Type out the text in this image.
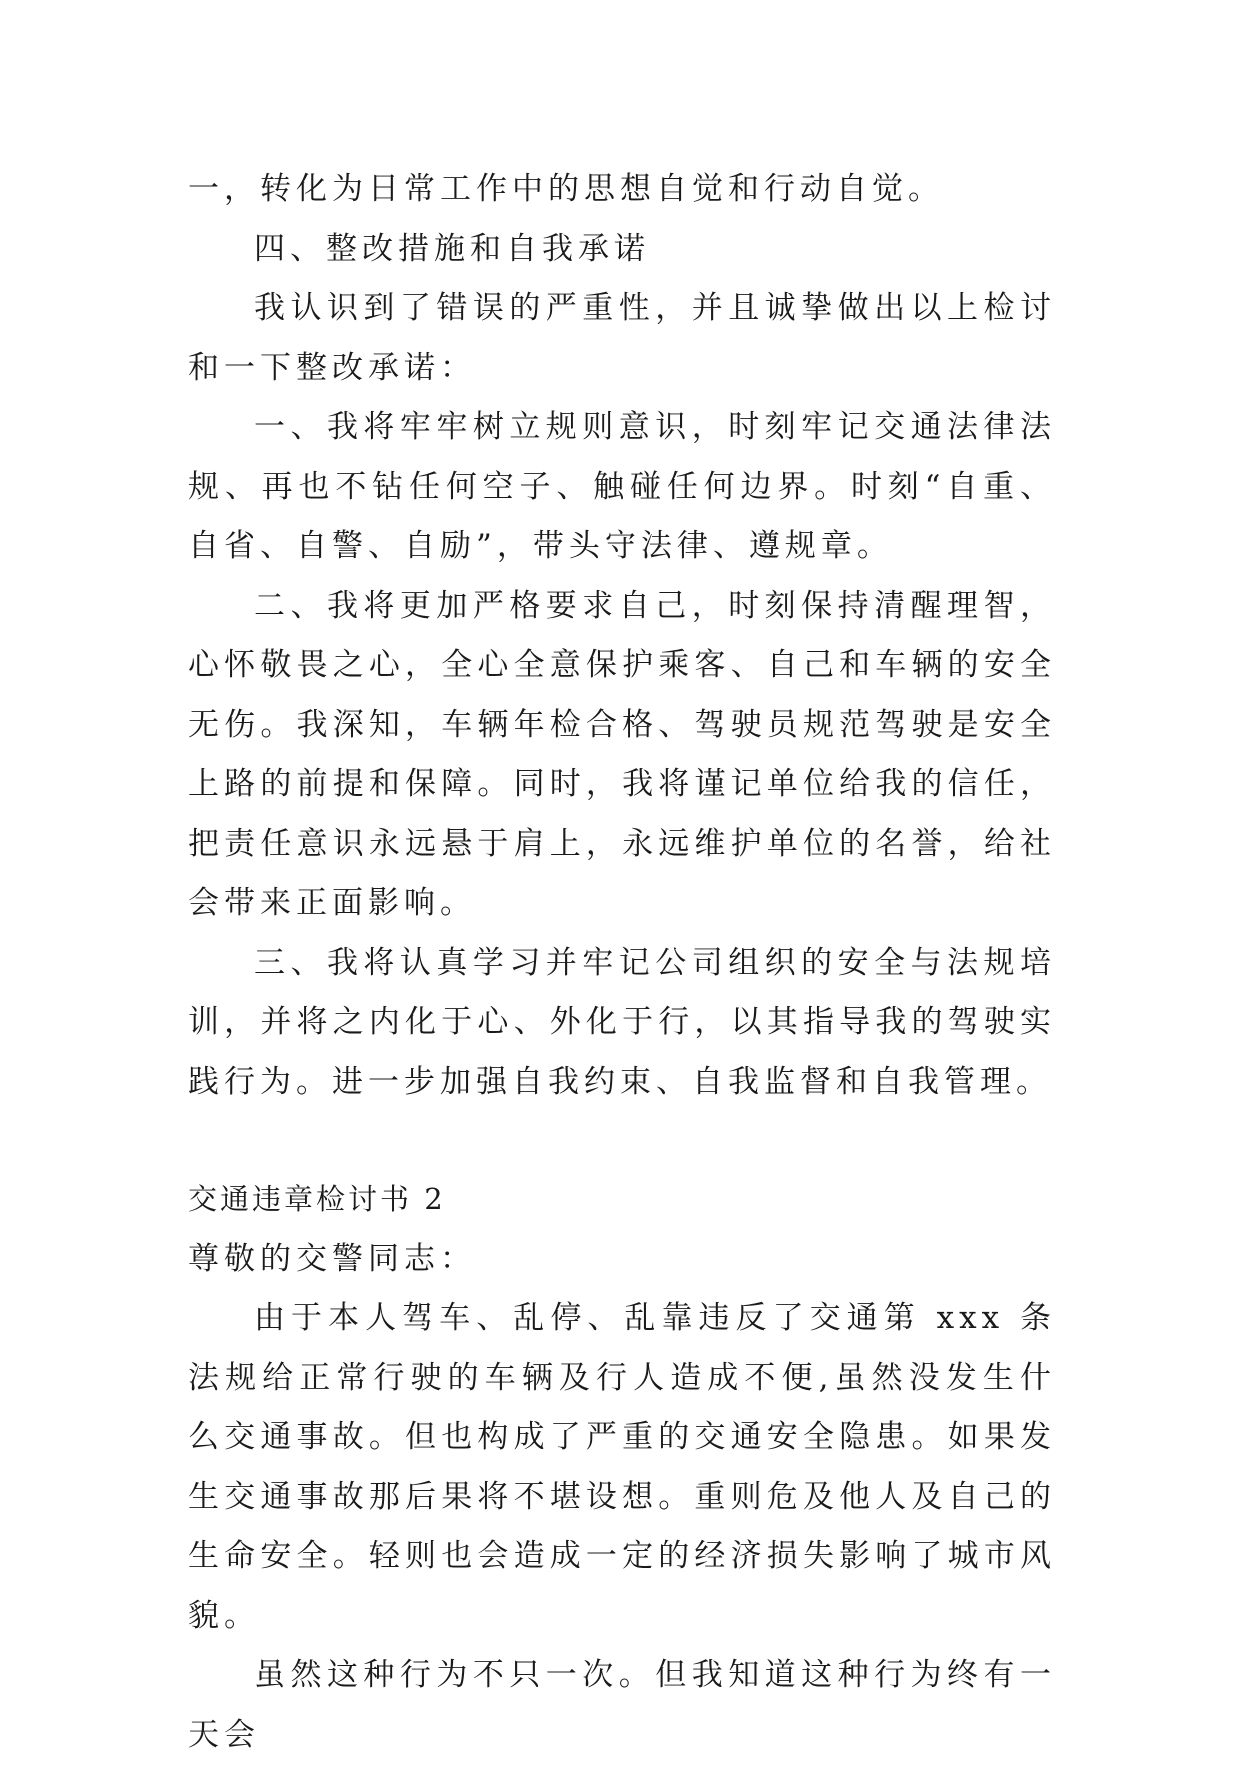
一，转化为日常工作中的思想自觉和行动自觉。

四、整改措施和自我承诺

我认识到了错误的严重性，并且诚挚做出以上检讨和一下整改承诺：

一、我将牢牢树立规则意识，时刻牢记交通法律法规、再也不钻任何空子、触碰任何边界。时刻“自重、自省、自警、自励”，带头守法律、遵规章。

二、我将更加严格要求自己，时刻保持清醒理智，心怀敬畏之心，全心全意保护乘客、自己和车辆的安全无伤。我深知，车辆年检合格、驾驶员规范驾驶是安全上路的前提和保障。同时，我将谨记单位给我的信任，把责任意识永远悬于肩上，永远维护单位的名誉，给社会带来正面影响。

三、我将认真学习并牢记公司组织的安全与法规培训，并将之内化于心、外化于行，以其指导我的驾驶实践行为。进一步加强自我约束、自我监督和自我管理。

交通违章检讨书 2

尊敬的交警同志：

由于本人驾车、乱停、乱靠违反了交通第 xxx 条法规给正常行驶的车辆及行人造成不便,虽然没发生什么交通事故。但也构成了严重的交通安全隐患。如果发生交通事故那后果将不堪设想。重则危及他人及自己的生命安全。轻则也会造成一定的经济损失影响了城市风貌。

虽然这种行为不只一次。但我知道这种行为终有一天会
